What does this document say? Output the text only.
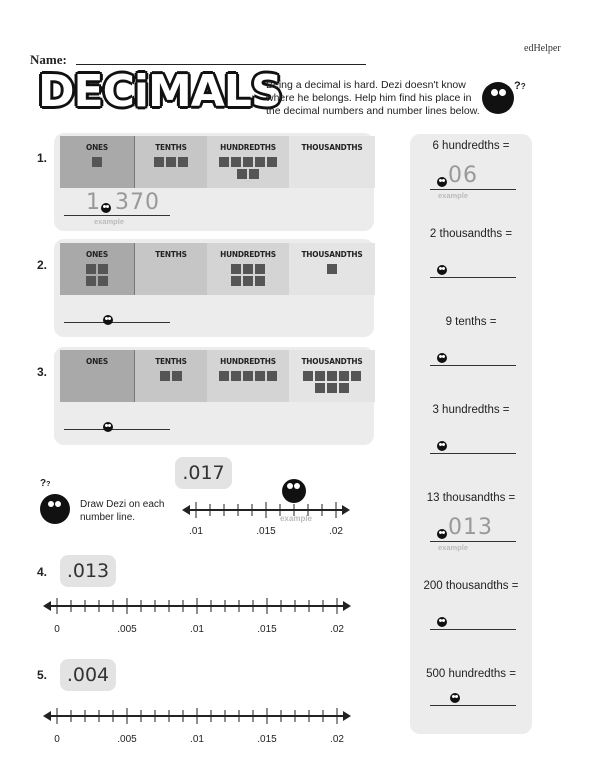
edHelper
Name:
DECiMALS
Being a decimal is hard. Dezi doesn't know where he belongs. Help him find his place in the decimal numbers and number lines below.
??
1.
ONES	TENTHS	HUNDREDTHS	THOUSANDTHS
1 370
example
2.
ONES	TENTHS	HUNDREDTHS	THOUSANDTHS
3.
ONES	TENTHS	HUNDREDTHS	THOUSANDTHS
??
Draw Dezi on each number line.
.017
.01	.015	.02
example
0	.005	.01	.015	.02
0	.005	.01	.015	.02
4.	.013
5.	.004
6 hundredths =
06
example
2 thousandths =
9 tenths =
3 hundredths =
13 thousandths =
013
example
200 thousandths =
500 hundredths =
